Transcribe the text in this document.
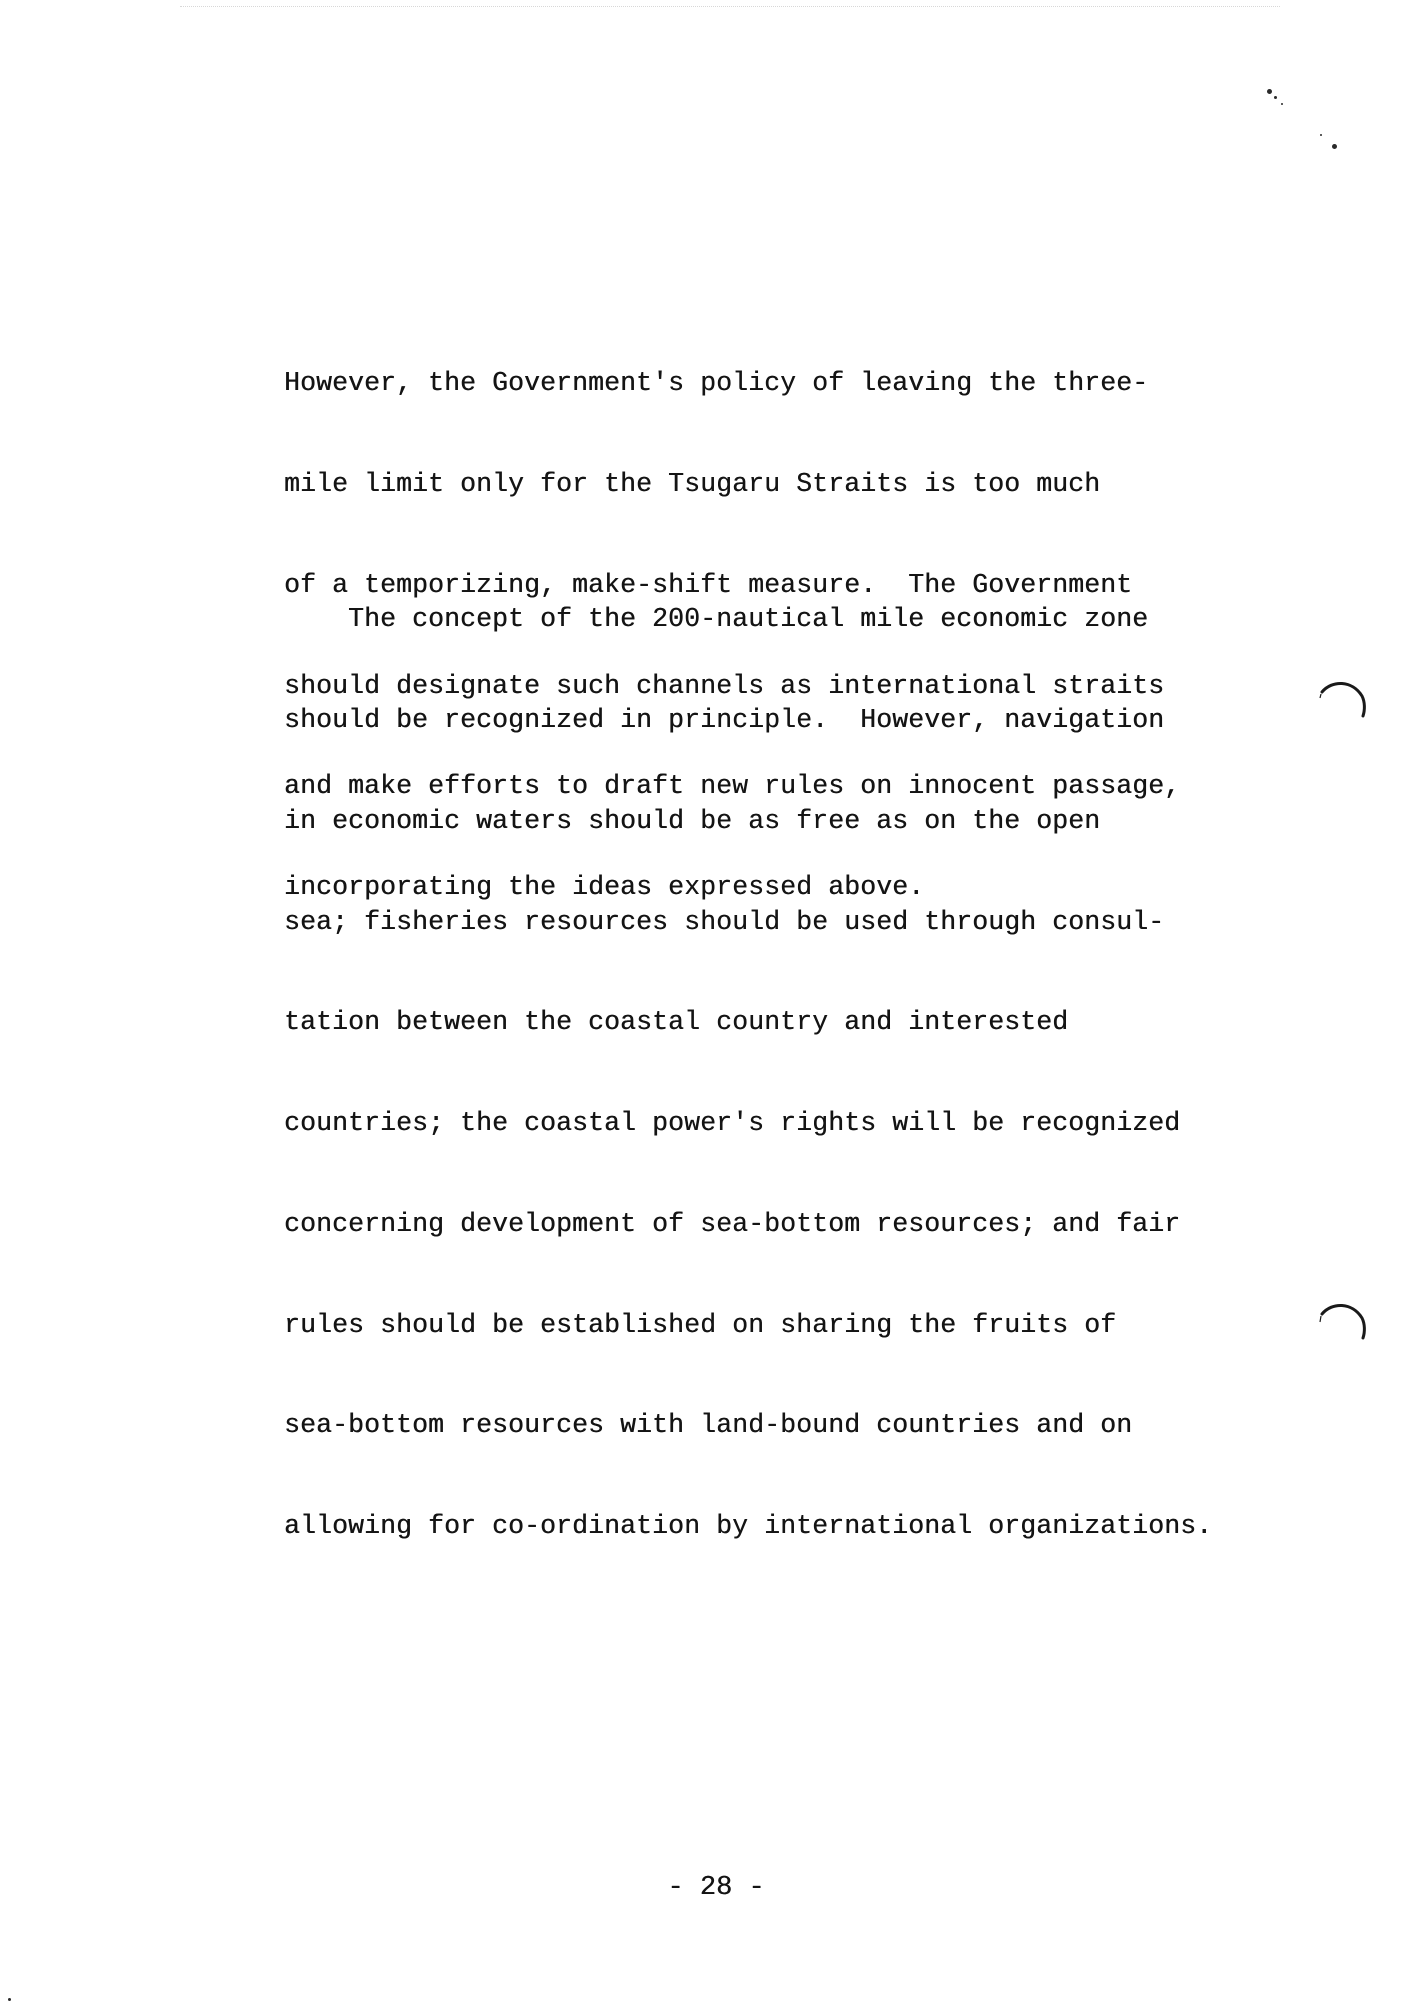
However, the Government's policy of leaving the three-

mile limit only for the Tsugaru Straits is too much

of a temporizing, make-shift measure.  The Government

should designate such channels as international straits

and make efforts to draft new rules on innocent passage,

incorporating the ideas expressed above.

The concept of the 200-nautical mile economic zone

should be recognized in principle.  However, navigation

in economic waters should be as free as on the open

sea; fisheries resources should be used through consul-

tation between the coastal country and interested

countries; the coastal power's rights will be recognized

concerning development of sea-bottom resources; and fair

rules should be established on sharing the fruits of

sea-bottom resources with land-bound countries and on

allowing for co-ordination by international organizations.

- 28 -
